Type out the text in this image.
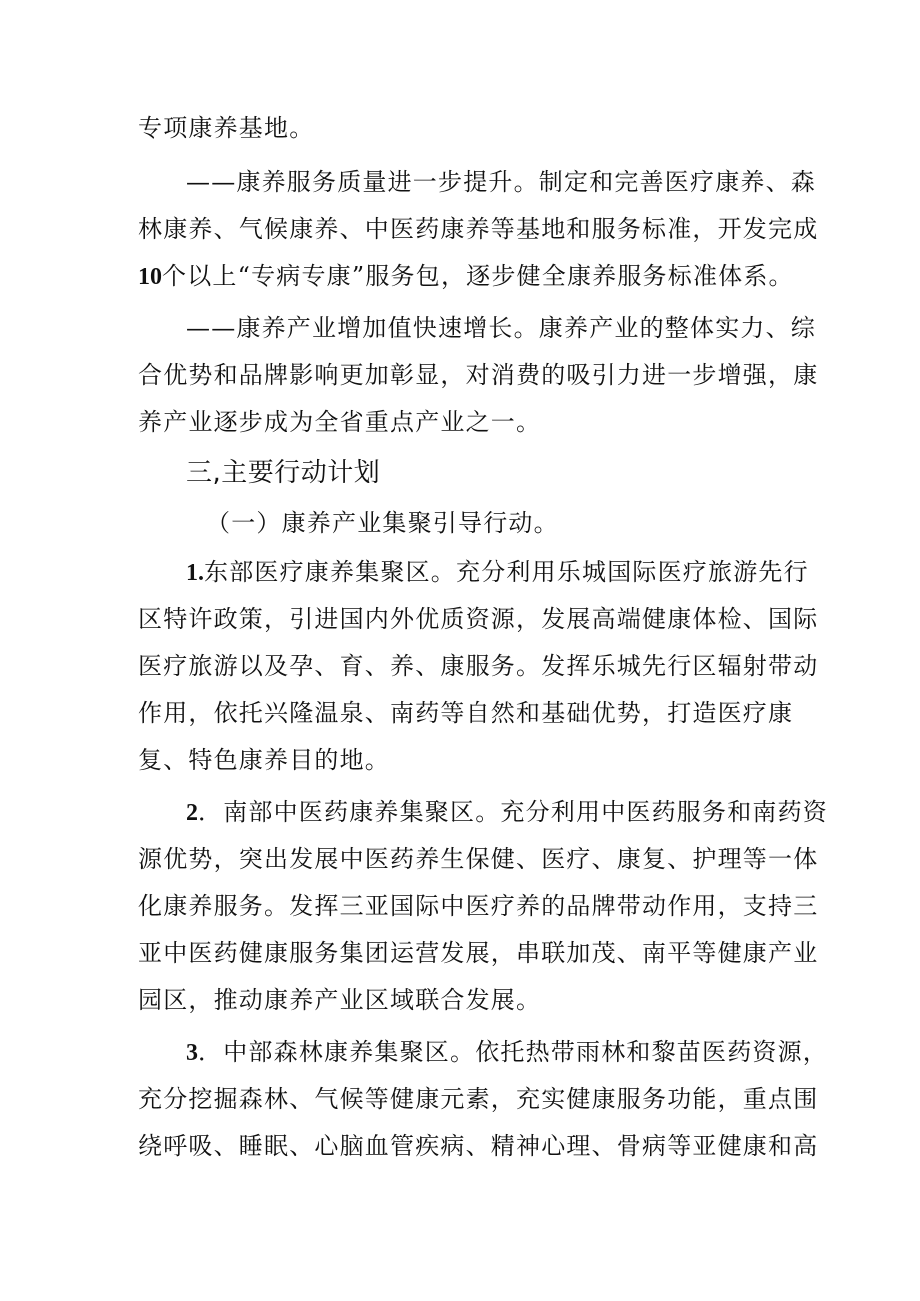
专项康养基地。
——康养服务质量进一步提升。制定和完善医疗康养、森
林康养、气候康养、中医药康养等基地和服务标准，开发完成
10个以上“专病专康”服务包，逐步健全康养服务标准体系。
——康养产业增加值快速增长。康养产业的整体实力、综
合优势和品牌影响更加彰显，对消费的吸引力进一步增强，康
养产业逐步成为全省重点产业之一。
三,主要行动计划
（一）康养产业集聚引导行动。
1.东部医疗康养集聚区。充分利用乐城国际医疗旅游先行
区特许政策，引进国内外优质资源，发展高端健康体检、国际
医疗旅游以及孕、育、养、康服务。发挥乐城先行区辐射带动
作用，依托兴隆温泉、南药等自然和基础优势，打造医疗康
复、特色康养目的地。
2．南部中医药康养集聚区。充分利用中医药服务和南药资
源优势，突出发展中医药养生保健、医疗、康复、护理等一体
化康养服务。发挥三亚国际中医疗养的品牌带动作用，支持三
亚中医药健康服务集团运营发展，串联加茂、南平等健康产业
园区，推动康养产业区域联合发展。
3．中部森林康养集聚区。依托热带雨林和黎苗医药资源，
充分挖掘森林、气候等健康元素，充实健康服务功能，重点围
绕呼吸、睡眠、心脑血管疾病、精神心理、骨病等亚健康和高
